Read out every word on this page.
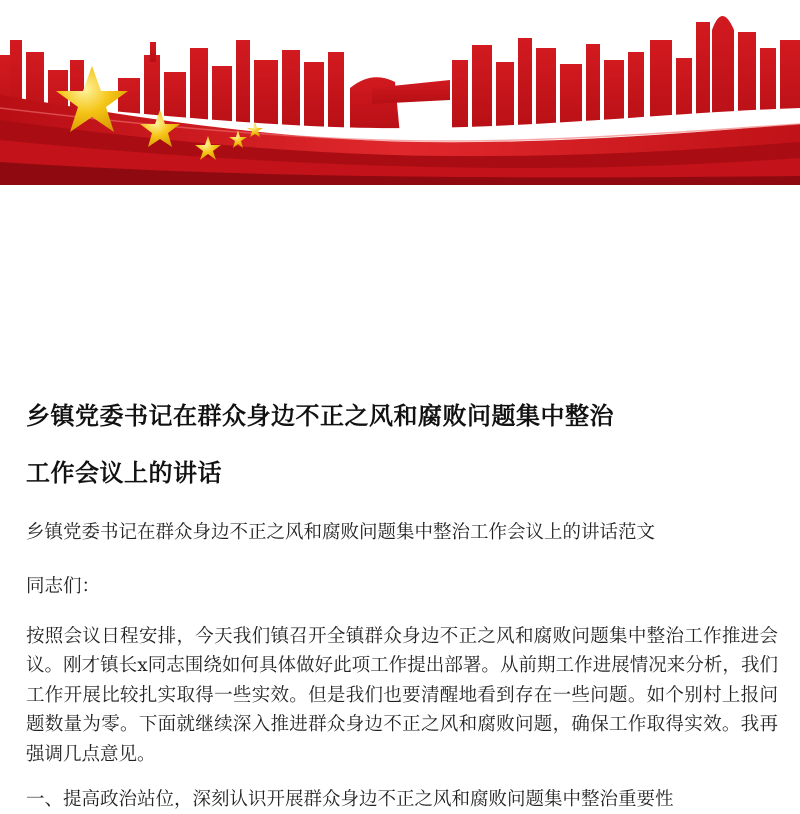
乡镇党委书记在群众身边不正之风和腐败问题集中整治
工作会议上的讲话

乡镇党委书记在群众身边不正之风和腐败问题集中整治工作会议上的讲话范文

同志们：

按照会议日程安排，今天我们镇召开全镇群众身边不正之风和腐败问题集中整治工作推进会议。刚才镇长x同志围绕如何具体做好此项工作提出部署。从前期工作进展情况来分析，我们工作开展比较扎实取得一些实效。但是我们也要清醒地看到存在一些问题。如个别村上报问题数量为零。下面就继续深入推进群众身边不正之风和腐败问题，确保工作取得实效。我再强调几点意见。

一、提高政治站位，深刻认识开展群众身边不正之风和腐败问题集中整治重要性
